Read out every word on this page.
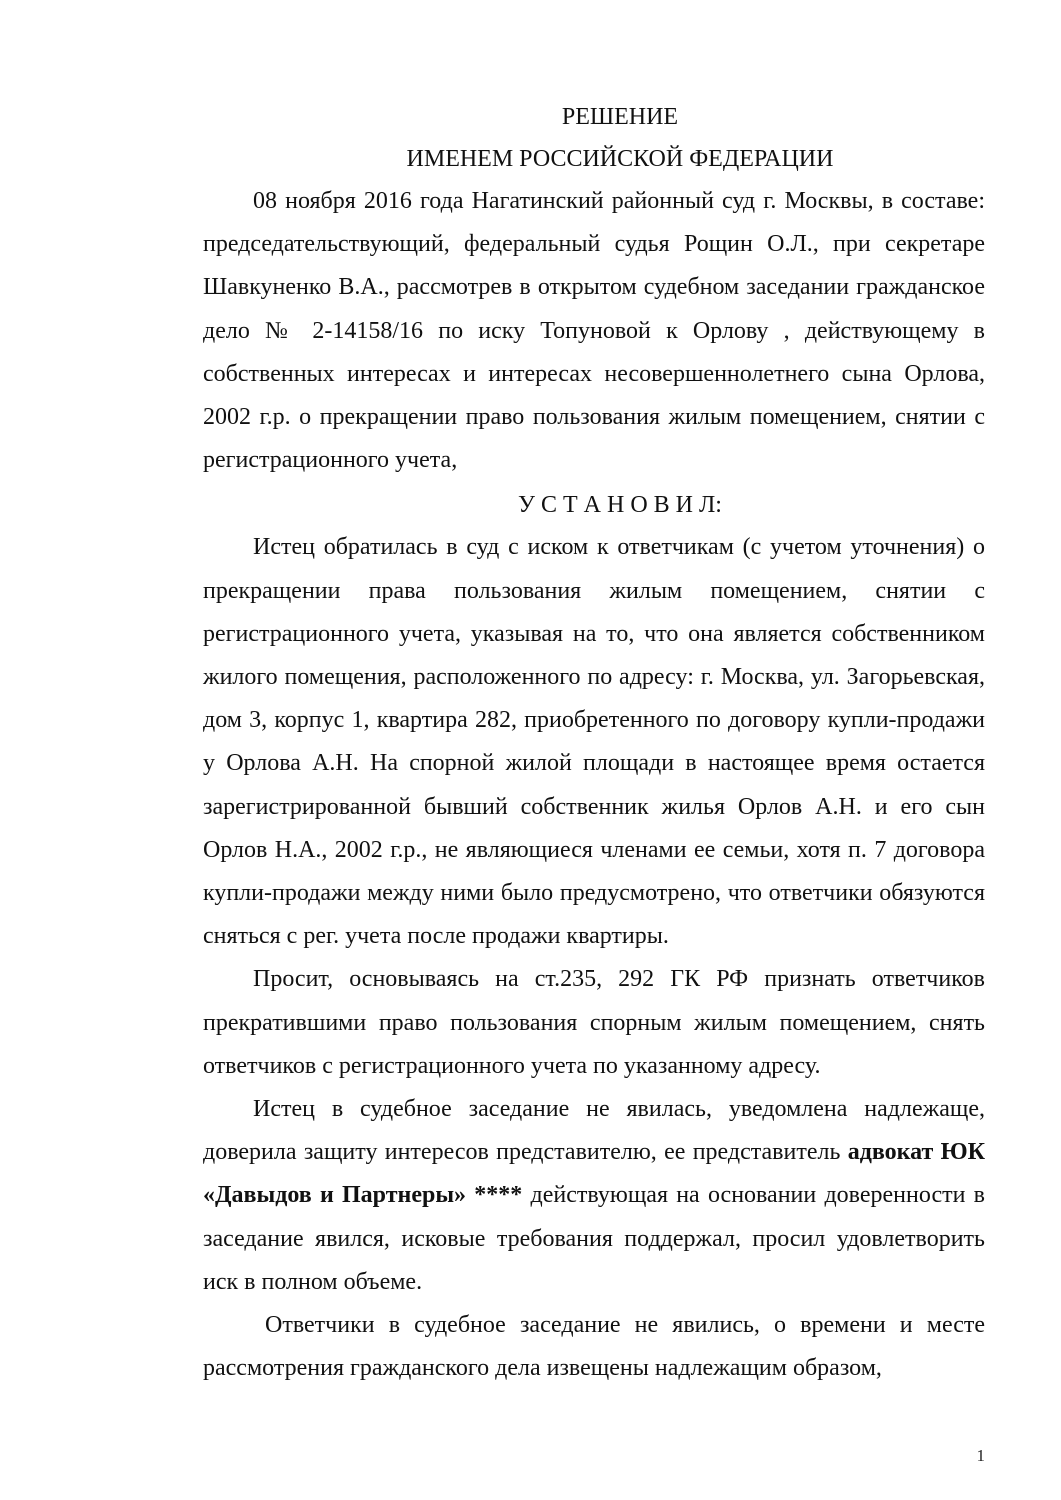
РЕШЕНИЕ

ИМЕНЕМ РОССИЙСКОЙ ФЕДЕРАЦИИ

08 ноября 2016 года Нагатинский районный суд г. Москвы, в составе: председательствующий, федеральный судья Рощин О.Л., при секретаре Шавкуненко В.А., рассмотрев в открытом судебном заседании гражданское дело № 2-14158/16 по иску Топуновой к Орлову , действующему в собственных интересах и интересах несовершеннолетнего сына Орлова, 2002 г.р. о прекращении право пользования жилым помещением, снятии с регистрационного учета,

У С Т А Н О В И Л:

Истец обратилась в суд с иском к ответчикам (с учетом уточнения) о прекращении права пользования жилым помещением, снятии с регистрационного учета, указывая на то, что она является собственником жилого помещения, расположенного по адресу: г. Москва, ул. Загорьевская, дом 3, корпус 1, квартира 282, приобретенного по договору купли-продажи у Орлова А.Н. На спорной жилой площади в настоящее время остается зарегистрированной бывший собственник жилья Орлов А.Н. и его сын Орлов Н.А., 2002 г.р., не являющиеся членами ее семьи, хотя п. 7 договора купли-продажи между ними было предусмотрено, что ответчики обязуются сняться с рег. учета после продажи квартиры.

Просит, основываясь на ст.235, 292 ГК РФ признать ответчиков прекратившими право пользования спорным жилым помещением, снять ответчиков с регистрационного учета по указанному адресу.

Истец в судебное заседание не явилась, уведомлена надлежаще, доверила защиту интересов представителю, ее представитель адвокат ЮК «Давыдов и Партнеры» **** действующая на основании доверенности в заседание явился, исковые требования поддержал, просил удовлетворить иск в полном объеме.

Ответчики в судебное заседание не явились, о времени и месте рассмотрения гражданского дела извещены надлежащим образом,

1
